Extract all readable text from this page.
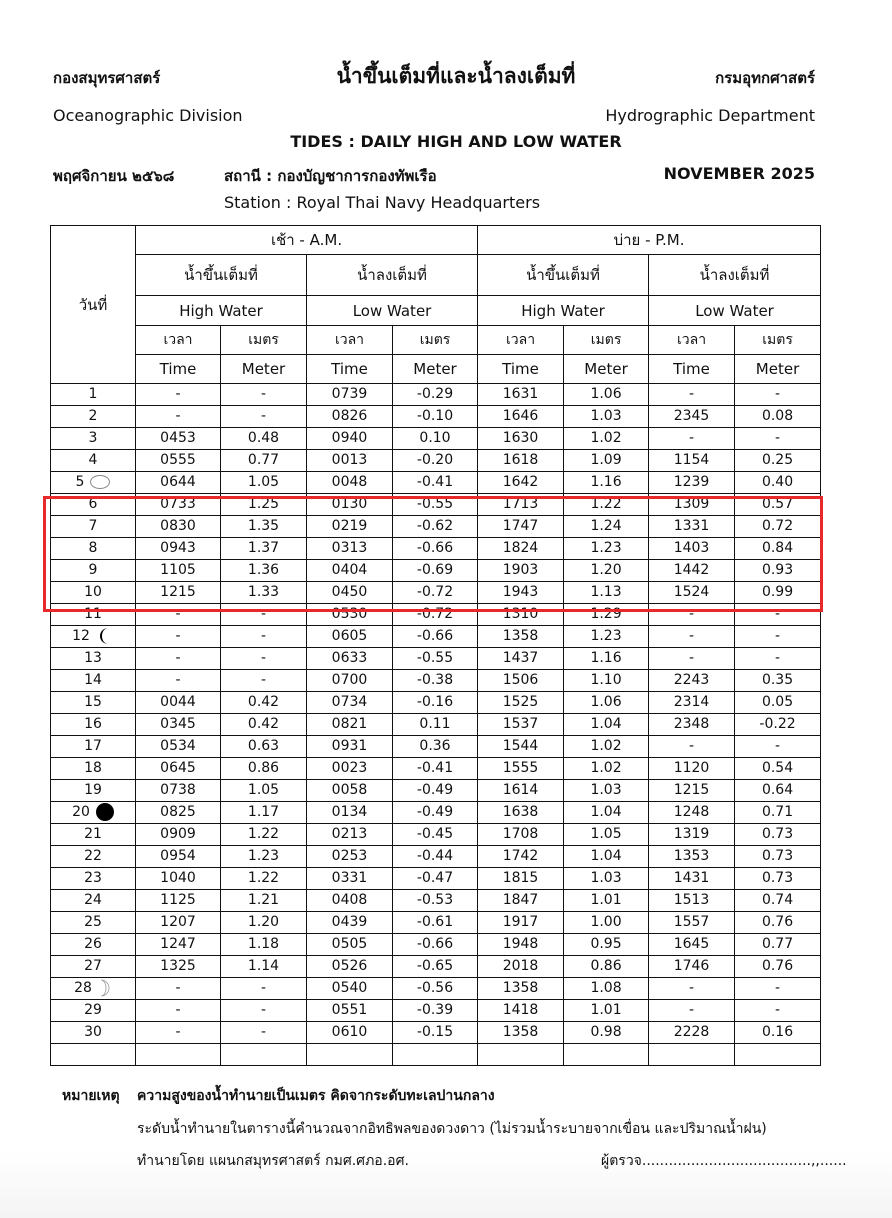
กองสมุทรศาสตร์	น้ำขึ้นเต็มที่และน้ำลงเต็มที่	กรมอุทกศาสตร์
Oceanographic Division	Hydrographic Department
TIDES : DAILY HIGH AND LOW WATER
พฤศจิกายน ๒๕๖๘	สถานี : กองบัญชาการกองทัพเรือ	NOVEMBER 2025
Station : Royal Thai Navy Headquarters
วันที่	เช้า - A.M.				บ่าย - P.M.			
	น้ำขึ้นเต็มที่		น้ำลงเต็มที่		น้ำขึ้นเต็มที่		น้ำลงเต็มที่	
	High Water		Low Water		High Water		Low Water	
	เวลา	เมตร	เวลา	เมตร	เวลา	เมตร	เวลา	เมตร
	Time	Meter	Time	Meter	Time	Meter	Time	Meter
1	-	-	0739	-0.29	1631	1.06	-	-
2	-	-	0826	-0.10	1646	1.03	2345	0.08
3	0453	0.48	0940	0.10	1630	1.02	-	-
4	0555	0.77	0013	-0.20	1618	1.09	1154	0.25
5	0644	1.05	0048	-0.41	1642	1.16	1239	0.40
6	0733	1.25	0130	-0.55	1713	1.22	1309	0.57
7	0830	1.35	0219	-0.62	1747	1.24	1331	0.72
8	0943	1.37	0313	-0.66	1824	1.23	1403	0.84
9	1105	1.36	0404	-0.69	1903	1.20	1442	0.93
10	1215	1.33	0450	-0.72	1943	1.13	1524	0.99
11	-	-	0530	-0.72	1310	1.29	-	-
12	-	-	0605	-0.66	1358	1.23	-	-
13	-	-	0633	-0.55	1437	1.16	-	-
14	-	-	0700	-0.38	1506	1.10	2243	0.35
15	0044	0.42	0734	-0.16	1525	1.06	2314	0.05
16	0345	0.42	0821	0.11	1537	1.04	2348	-0.22
17	0534	0.63	0931	0.36	1544	1.02	-	-
18	0645	0.86	0023	-0.41	1555	1.02	1120	0.54
19	0738	1.05	0058	-0.49	1614	1.03	1215	0.64
20	0825	1.17	0134	-0.49	1638	1.04	1248	0.71
21	0909	1.22	0213	-0.45	1708	1.05	1319	0.73
22	0954	1.23	0253	-0.44	1742	1.04	1353	0.73
23	1040	1.22	0331	-0.47	1815	1.03	1431	0.73
24	1125	1.21	0408	-0.53	1847	1.01	1513	0.74
25	1207	1.20	0439	-0.61	1917	1.00	1557	0.76
26	1247	1.18	0505	-0.66	1948	0.95	1645	0.77
27	1325	1.14	0526	-0.65	2018	0.86	1746	0.76
28	-	-	0540	-0.56	1358	1.08	-	-
29	-	-	0551	-0.39	1418	1.01	-	-
30	-	-	0610	-0.15	1358	0.98	2228	0.16

หมายเหตุ ความสูงของน้ำทำนายเป็นเมตร คิดจากระดับทะเลปานกลาง
ระดับน้ำทำนายในตารางนี้คำนวณจากอิทธิพลของดวงดาว (ไม่รวมน้ำระบายจากเขื่อน และปริมาณน้ำฝน)
ทำนายโดย แผนกสมุทรศาสตร์ กมศ.ศภอ.อศ.	ผู้ตรวจ......................................,,......
